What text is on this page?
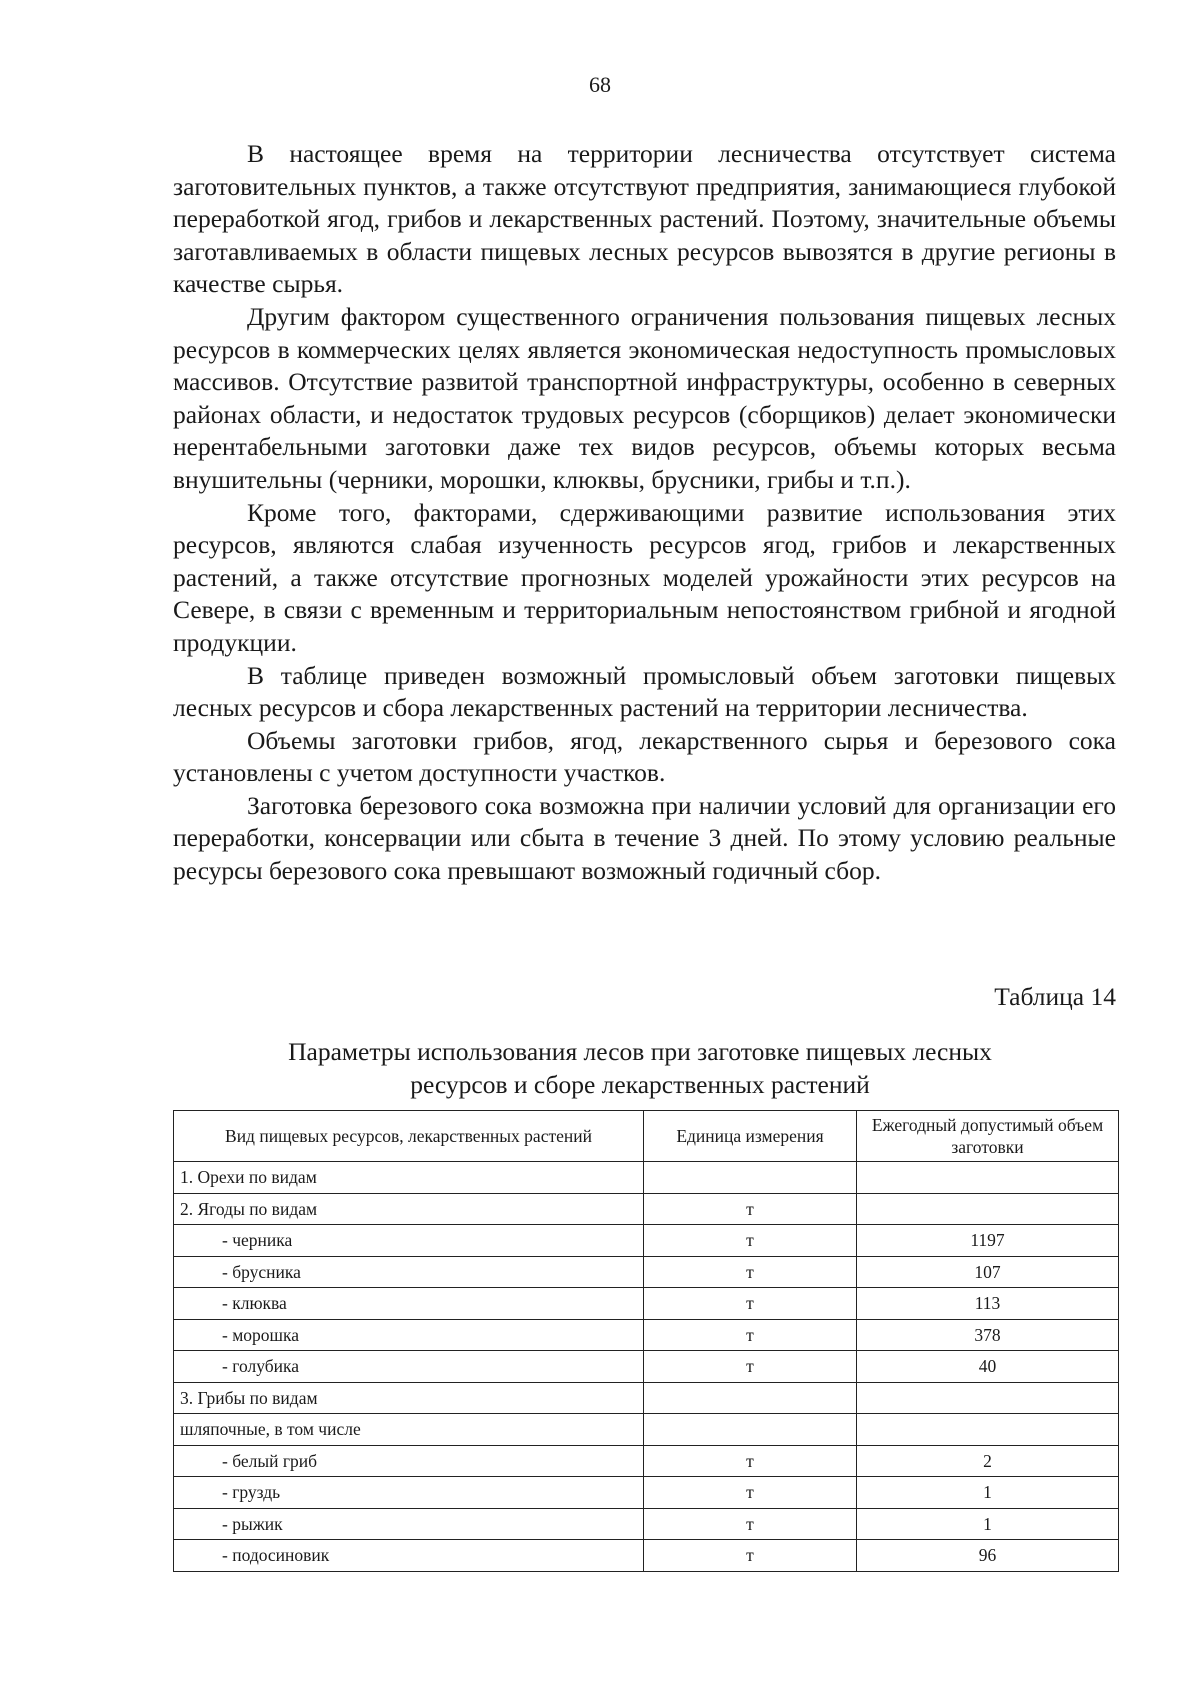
68

В настоящее время на территории лесничества отсутствует система заготовительных пунктов, а также отсутствуют предприятия, занимающиеся глубокой переработкой ягод, грибов и лекарственных растений. Поэтому, значительные объемы заготавливаемых в области пищевых лесных ресурсов вывозятся в другие регионы в качестве сырья.

Другим фактором существенного ограничения пользования пищевых лесных ресурсов в коммерческих целях является экономическая недоступность промысловых массивов. Отсутствие развитой транспортной инфраструктуры, особенно в северных районах области, и недостаток трудовых ресурсов (сборщиков) делает экономически нерентабельными заготовки даже тех видов ресурсов, объемы которых весьма внушительны (черники, морошки, клюквы, брусники, грибы и т.п.).

Кроме того, факторами, сдерживающими развитие использования этих ресурсов, являются слабая изученность ресурсов ягод, грибов и лекарственных растений, а также отсутствие прогнозных моделей урожайности этих ресурсов на Севере, в связи с временным и территориальным непостоянством грибной и ягодной продукции.

В таблице приведен возможный промысловый объем заготовки пищевых лесных ресурсов и сбора лекарственных растений на территории лесничества.

Объемы заготовки грибов, ягод, лекарственного сырья и березового сока установлены с учетом доступности участков.

Заготовка березового сока возможна при наличии условий для организации его переработки, консервации или сбыта в течение 3 дней. По этому условию реальные ресурсы березового сока превышают возможный годичный сбор.

Таблица 14
Параметры использования лесов при заготовке пищевых лесных
ресурсов и сборе лекарственных растений
Вид пищевых ресурсов, лекарственных растений	Единица измерения	Ежегодный допустимый объем заготовки
1. Орехи по видам		
2. Ягоды по видам	т	
- черника	т	1197
- брусника	т	107
- клюква	т	113
- морошка	т	378
- голубика	т	40
3. Грибы по видам		
шляпочные, в том числе		
- белый гриб	т	2
- груздь	т	1
- рыжик	т	1
- подосиновик	т	96
